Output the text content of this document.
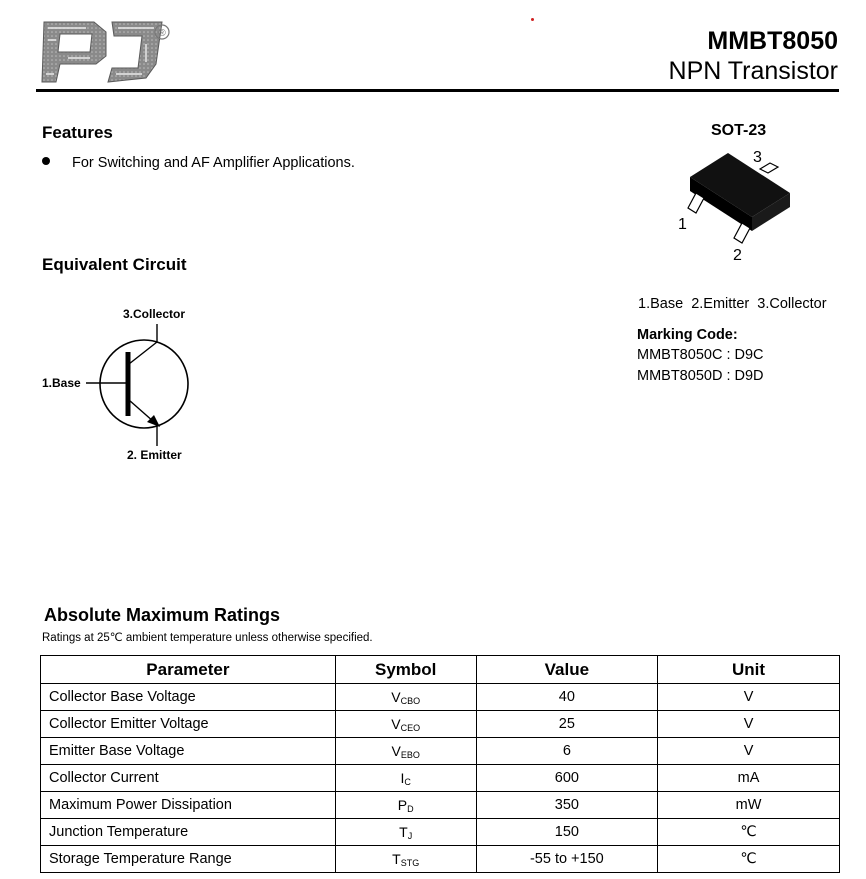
®	MMBT8050
NPN Transistor
Features
For Switching and AF Amplifier Applications.
Equivalent Circuit
3.Collector
1.Base
2. Emitter
SOT-23
3
1
2
1.Base  2.Emitter  3.Collector
Marking Code:
MMBT8050C : D9C
MMBT8050D : D9D
Absolute Maximum Ratings
Ratings at 25℃ ambient temperature unless otherwise specified.
Parameter	Symbol	Value	Unit
Collector Base Voltage	VCBO	40	V
Collector Emitter Voltage	VCEO	25	V
Emitter Base Voltage	VEBO	6	V
Collector Current	IC	600	mA
Maximum Power Dissipation	PD	350	mW
Junction Temperature	TJ	150	℃
Storage Temperature Range	TSTG	-55 to +150	℃
